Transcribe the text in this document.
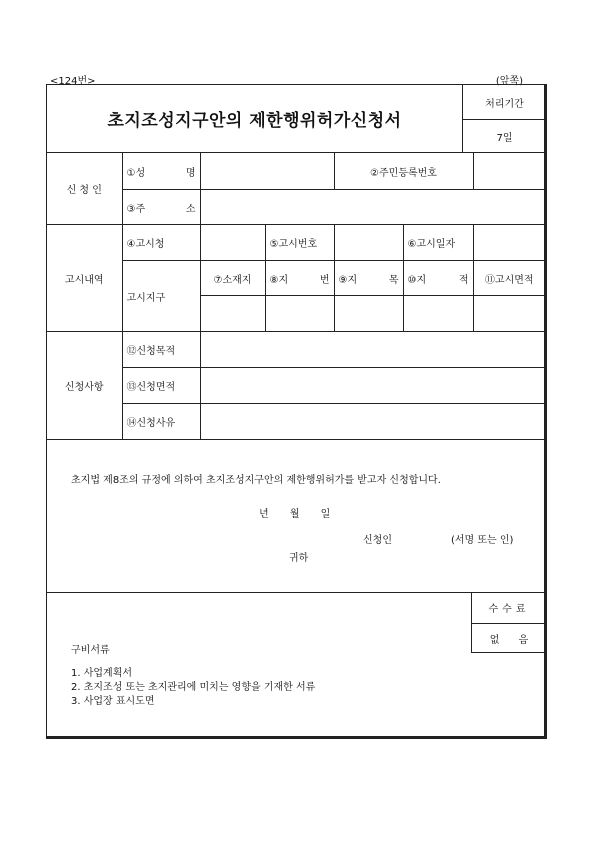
<124번>	(앞쪽)
초지조성지구안의 제한행위허가신청서
처리기간
7일
신 청 인	①성 명			②주민등록번호		

	③주 소					

고시내역	④고시청		⑤고시번호		⑥고시일자	
	고시지구	⑦소재지	⑧지 번	⑨지 목	⑩지 적	⑪고시면적

신청사항	⑫신청목적					
	⑬신청면적					
	⑭신청사유					
초지법 제8조의 규정에 의하여 초지조성지구안의 제한행위허가를 받고자 신청합니다.
년 월 일
신청인	(서명 또는 인)
귀하
수수료
없 음
구비서류
1. 사업계획서
2. 초지조성 또는 초지관리에 미치는 영향을 기재한 서류
3. 사업장 표시도면
